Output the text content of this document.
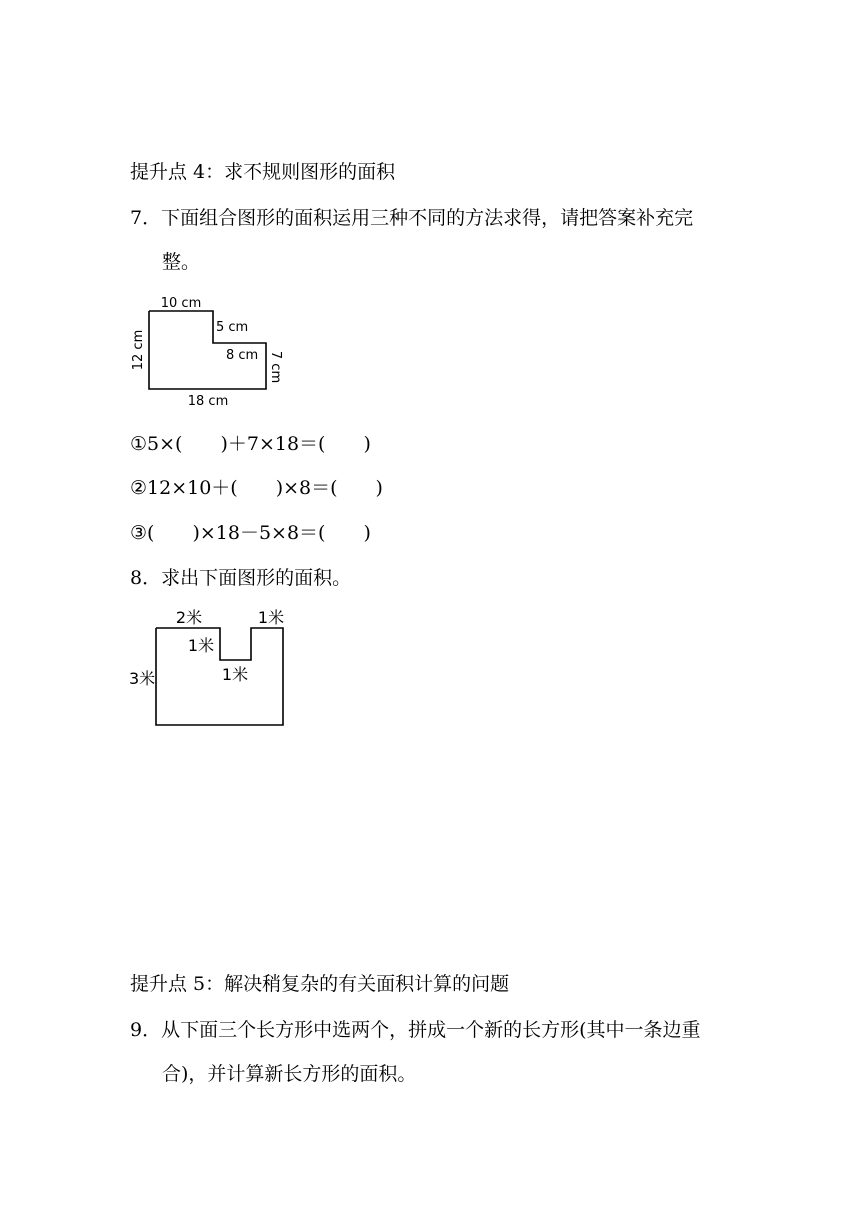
提升点 4：求不规则图形的面积
7．下面组合图形的面积运用三种不同的方法求得，请把答案补充完
整。
10 cm
5 cm
8 cm 7 cm
12 cm
18 cm
①5×(　　)＋7×18＝(　　)
②12×10＋(　　)×8＝(　　)
③(　　)×18－5×8＝(　　)
8．求出下面图形的面积。
2米	1米
1米
1米
3米
提升点 5：解决稍复杂的有关面积计算的问题
9．从下面三个长方形中选两个，拼成一个新的长方形(其中一条边重
合)，并计算新长方形的面积。
